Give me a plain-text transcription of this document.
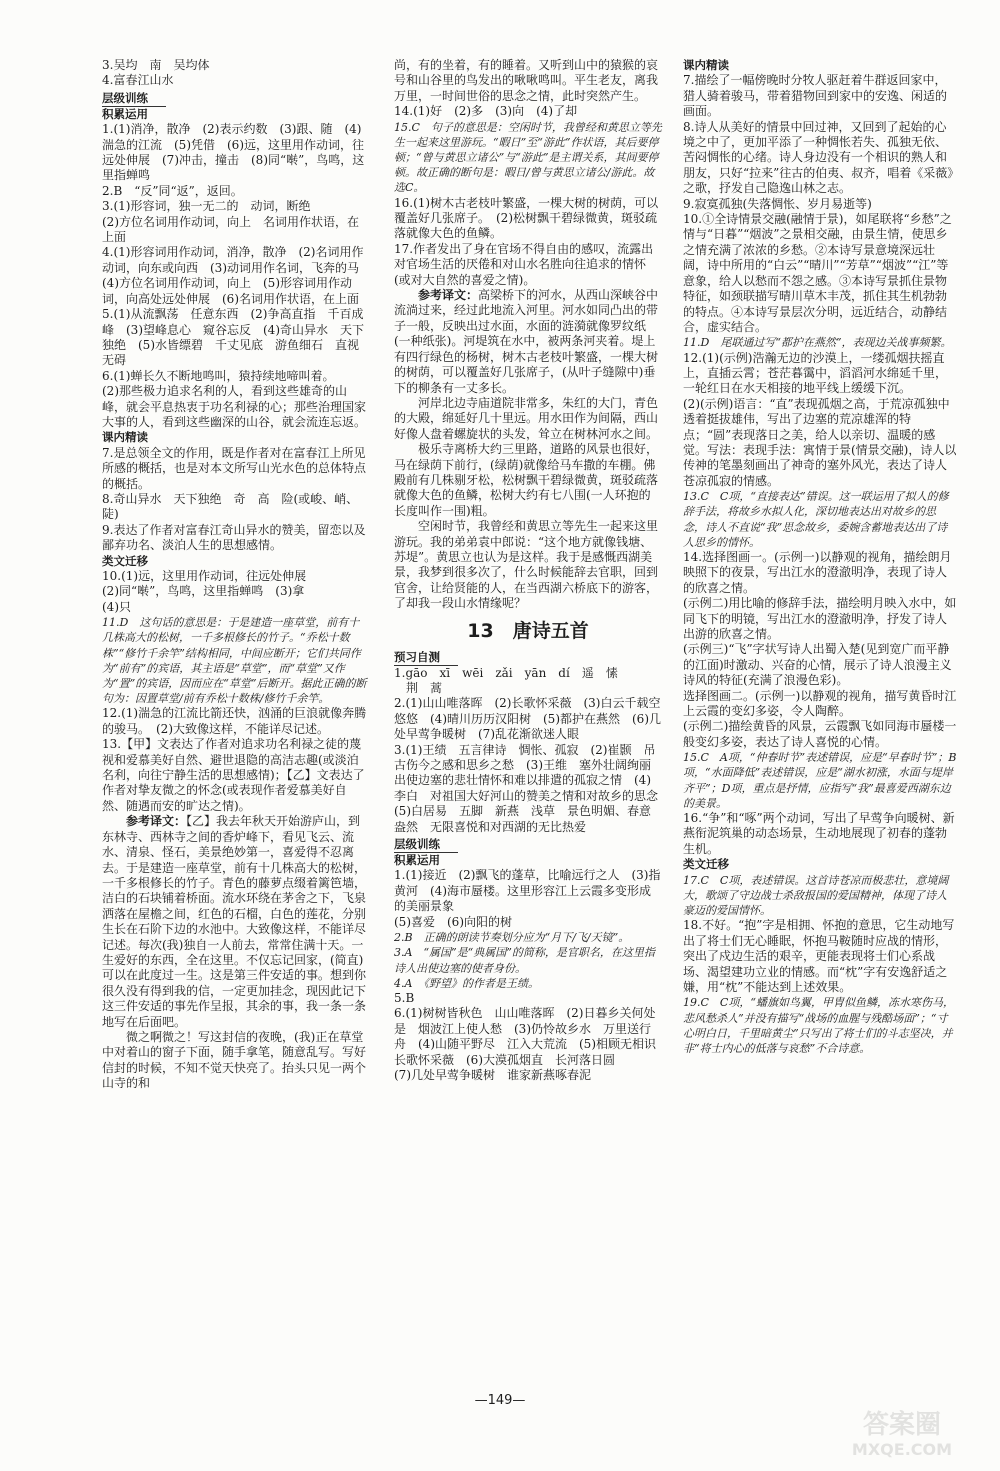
3.吴均　南　吴均体

4.富春江山水

层级训练
积累运用

1.(1)消净，散净　(2)表示约数　(3)跟、随　(4)湍急的江流　(5)凭借　(6)远，这里用作动词，往远处伸展　(7)冲击，撞击　(8)同“啭”，鸟鸣，这里指蝉鸣

2.B　“反”同“返”，返回。

3.(1)形容词，独一无二的　动词，断绝
(2)方位名词用作动词，向上　名词用作状语，在上面

4.(1)形容词用作动词，消净，散净　(2)名词用作动词，向东或向西　(3)动词用作名词，飞奔的马　(4)方位名词用作动词，向上　(5)形容词用作动词，向高处远处伸展　(6)名词用作状语，在上面

5.(1)从流飘荡　任意东西　(2)争高直指　千百成峰　(3)望峰息心　窥谷忘反　(4)奇山异水　天下独绝　(5)水皆缥碧　千丈见底　游鱼细石　直视无碍

6.(1)蝉长久不断地鸣叫，猿持续地啼叫着。
(2)那些极力追求名利的人，看到这些雄奇的山峰，就会平息热衷于功名利禄的心；那些治理国家大事的人，看到这些幽深的山谷，就会流连忘返。

课内精读

7.是总领全文的作用，既是作者对在富春江上所见所感的概括，也是对本文所写山光水色的总体特点的概括。

8.奇山异水　天下独绝　奇　高　险(或峻、峭、陡)

9.表达了作者对富春江奇山异水的赞美，留恋以及鄙弃功名、淡泊人生的思想感情。

类文迁移

10.(1)远，这里用作动词，往远处伸展
(2)同“啭”，鸟鸣，这里指蝉鸣　(3)拿
(4)只

11.D　这句话的意思是：于是建造一座草堂，前有十几株高大的松树，一千多根修长的竹子。“乔松十数株”“修竹千余竿”结构相同，中间应断开；它们共同作为“前有”的宾语，其主语是“草堂”，而“草堂”又作为“置”的宾语，因而应在“草堂”后断开。据此正确的断句为：因置草堂/前有乔松十数株/修竹千余竿。

12.(1)湍急的江流比箭还快，汹涌的巨浪就像奔腾的骏马。　(2)大致像这样，不能详尽记述。

13.【甲】文表达了作者对追求功名利禄之徒的蔑视和爱慕美好自然、避世退隐的高洁志趣(或淡泊名利，向往宁静生活的思想感情)；【乙】文表达了作者对挚友微之的怀念(或表现作者爱慕美好自然、随遇而安的旷达之情)。

参考译文：【乙】我去年秋天开始游庐山，到东林寺、西林寺之间的香炉峰下，看见飞云、流水、清泉、怪石，美景绝妙第一，喜爱得不忍离去。于是建造一座草堂，前有十几株高大的松树，一千多根修长的竹子。青色的藤萝点缀着篱笆墙，洁白的石块铺着桥面。流水环绕在茅舍之下，飞泉洒落在屋檐之间，红色的石榴，白色的莲花，分别生长在石阶下边的水池中。大致像这样，不能详尽记述。每次(我)独自一人前去，常常住满十天。一生爱好的东西，全在这里。不仅忘记回家，(简直)可以在此度过一生。这是第三件安适的事。想到你很久没有得到我的信，一定更加挂念，现因此记下这三件安适的事先作呈报，其余的事，我一条一条地写在后面吧。

微之啊微之！写这封信的夜晚，(我)正在草堂中对着山的窗子下面，随手拿笔，随意乱写。写好信封的时候，不知不觉天快亮了。抬头只见一两个山寺的和

尚，有的坐着，有的睡着。又听到山中的猿猴的哀号和山谷里的鸟发出的啾啾鸣叫。平生老友，离我万里，一时间世俗的思念之情，此时突然产生。

14.(1)好　(2)多　(3)向　(4)了却

15.C　句子的意思是：空闲时节，我曾经和黄思立等先生一起来这里游玩。“暇日”至“游此”作状语，其后要停顿；“曾与黄思立诸公”与“游此”是主谓关系，其间要停顿。故正确的断句是：暇日/曾与黄思立诸公/游此。故选C。

16.(1)树木古老枝叶繁盛，一棵大树的树荫，可以覆盖好几张席子。　(2)松树飘干碧绿微黄，斑驳疏落就像大色的鱼鳞。

17.作者发出了身在官场不得自由的感叹，流露出对官场生活的厌倦和对山水名胜向往追求的情怀(或对大自然的喜爱之情)。

参考译文：高梁桥下的河水，从西山深峡谷中流淌过来，经过此地流入河里。河水如同凸出的带子一般，反映出过水面，水面的涟漪就像罗纹纸(一种纸张)。河堤筑在水中，被两条河夹着。堤上有四行绿色的杨树，树木古老枝叶繁盛，一棵大树的树荫，可以覆盖好几张席子，(从叶子缝隙中)垂下的柳条有一丈多长。

河岸北边寺庙道院非常多，朱红的大门，青色的大殿，绵延好几十里远。用水田作为间隔，西山好像人盘着螺旋状的头发，耸立在树林河水之间。

极乐寺离桥大约三里路，道路的风景也很好，马在绿荫下前行，(绿荫)就像给马车撒的车棚。佛殿前有几株剔牙松，松树飘干碧绿微黄，斑驳疏落就像大色的鱼鳞，松树大约有七八围(一人环抱的长度叫作一围)粗。

空闲时节，我曾经和黄思立等先生一起来这里游玩。我的弟弟袁中郎说：“这个地方就像钱塘、苏堤”。黄思立也认为是这样。我于是感慨西湖美景，我梦到很多次了，什么时候能辞去官职，回到官舍，让给贤能的人，在当西湖六桥底下的游客，了却我一段山水情缘呢？

13　唐诗五首
预习自测

1.gāo　xī　wēi　zǎi　yān　dí　遥　愫
　荆　蒿

2.(1)山山唯落晖　(2)长歌怀采薇　(3)白云千载空悠悠　(4)晴川历历汉阳树　(5)都护在燕然　(6)几处早莺争暖树　(7)乱花渐欲迷人眼

3.(1)王绩　五言律诗　惆怅、孤寂　(2)崔颢　吊古伤今之感和思乡之愁　(3)王维　塞外壮阔绚丽　出使边塞的悲壮情怀和难以排遣的孤寂之情　(4)李白　对祖国大好河山的赞美之情和对故乡的思念　(5)白居易　五脚　新燕　浅草　景色明媚、春意盎然　无限喜悦和对西湖的无比热爱

层级训练
积累运用

1.(1)接近　(2)飘飞的蓬草，比喻远行之人　(3)指黄河　(4)海市蜃楼。这里形容江上云霞多变形成的美丽景象
(5)喜爱　(6)向阳的树

2.B　正确的朗读节奏划分应为“月下/飞/天镜”。

3.A　“属国”是“典属国”的简称，是官职名，在这里指诗人出使边塞的使者身份。

4.A　《野望》的作者是王绩。

5.B

6.(1)树树皆秋色　山山唯落晖　(2)日暮乡关何处是　烟波江上使人愁　(3)仍怜故乡水　万里送行舟　(4)山随平野尽　江入大荒流　(5)相顾无相识　长歌怀采薇　(6)大漠孤烟直　长河落日圆
(7)几处早莺争暖树　谁家新燕啄春泥

课内精读

7.描绘了一幅傍晚时分牧人驱赶着牛群返回家中，猎人骑着骏马，带着猎物回到家中的安逸、闲适的画面。

8.诗人从美好的情景中回过神，又回到了起始的心境之中了，更加平添了一种惆怅若失、孤独无依、苦闷惆怅的心绪。诗人身边没有一个相识的熟人和朋友，只好“拉来”往古的伯夷、叔齐，唱着《采薇》之歌，抒发自己隐逸山林之志。

9.寂寞孤独(失落惆怅、岁月易逝等)

10.①全诗情景交融(融情于景)，如尾联将“乡愁”之情与“日暮”“烟波”之景相交融，由景生情，使思乡之情充满了浓浓的乡愁。②本诗写景意境深远壮阔，诗中所用的“白云”“晴川”“芳草”“烟波”“江”等意象，给人以愁而不怨之感。③本诗写景抓住景物特征，如颈联描写晴川草木丰茂，抓住其生机勃勃的特点。④本诗写景层次分明，远近结合，动静结合，虚实结合。

11.D　尾联通过写“都护在燕然”，表现边关战事频繁。

12.(1)(示例)浩瀚无边的沙漠上，一缕孤烟扶摇直上，直插云霄；苍茫暮霭中，滔滔河水绵延千里，一轮红日在水天相接的地平线上缓缓下沉。
(2)(示例)语言：“直”表现孤烟之高，于荒凉孤独中透着挺拔雄伟，写出了边塞的荒凉雄浑的特点；“圆”表现落日之美，给人以亲切、温暖的感觉。写法：表现手法：寓情于景(情景交融)，诗人以传神的笔墨刻画出了神奇的塞外风光，表达了诗人苍凉孤寂的情感。

13.C　C项，“直接表达”错误。这一联运用了拟人的修辞手法，将故乡水拟人化，深切地表达出对故乡的思念，诗人不直说“我”思念故乡，委婉含蓄地表达出了诗人思乡的情怀。

14.选择图画一。(示例一)以静观的视角，描绘朗月映照下的夜景，写出江水的澄澈明净，表现了诗人的欣喜之情。
(示例二)用比喻的修辞手法，描绘明月映入水中，如同飞下的明镜，写出江水的澄澈明净，抒发了诗人出游的欣喜之情。
(示例三)“飞”字状写诗人出蜀入楚(见到宽广而平静的江面)时激动、兴奋的心情，展示了诗人浪漫主义诗风的特征(充满了浪漫色彩)。
选择图画二。(示例一)以静观的视角，描写黄昏时江上云霞的变幻多姿，令人陶醉。
(示例二)描绘黄昏的风景，云霞飘飞如同海市蜃楼一般变幻多姿，表达了诗人喜悦的心情。

15.C　A项，“仲春时节”表述错误，应是“早春时节”；B项，“水面降低”表述错误，应是“湖水初涨，水面与堤岸齐平”；D项，重点是抒情，应指写“我”最喜爱西湖东边的美景。

16.“争”和“啄”两个动词，写出了早莺争向暖树、新燕衔泥筑巢的动态场景，生动地展现了初春的蓬勃生机。

类文迁移

17.C　C项，表述错误。这首诗苍凉而极悲壮，意境阔大，歌颂了守边战士杀敌报国的爱国精神，体现了诗人豪迈的爱国情怀。

18.不好。“抱”字是相拥、怀抱的意思，它生动地写出了将士们无心睡眠，怀抱马鞍随时应战的情形，突出了戍边生活的艰辛，更能表现将士们心系战场、渴望建功立业的情感。而“枕”字有安逸舒适之嫌，用“枕”不能达到上述效果。

19.C　C项，“蟠旗如鸟翼，甲胄似鱼鳞，冻水寒伤马，悲风愁杀人”并没有描写“战场的血腥与残酷场面”；“寸心明白日，千里暗黄尘”只写出了将士们的斗志坚决，并非“将士内心的低落与哀愁”不合诗意。

—149—
答案圈
MXQE.COM
